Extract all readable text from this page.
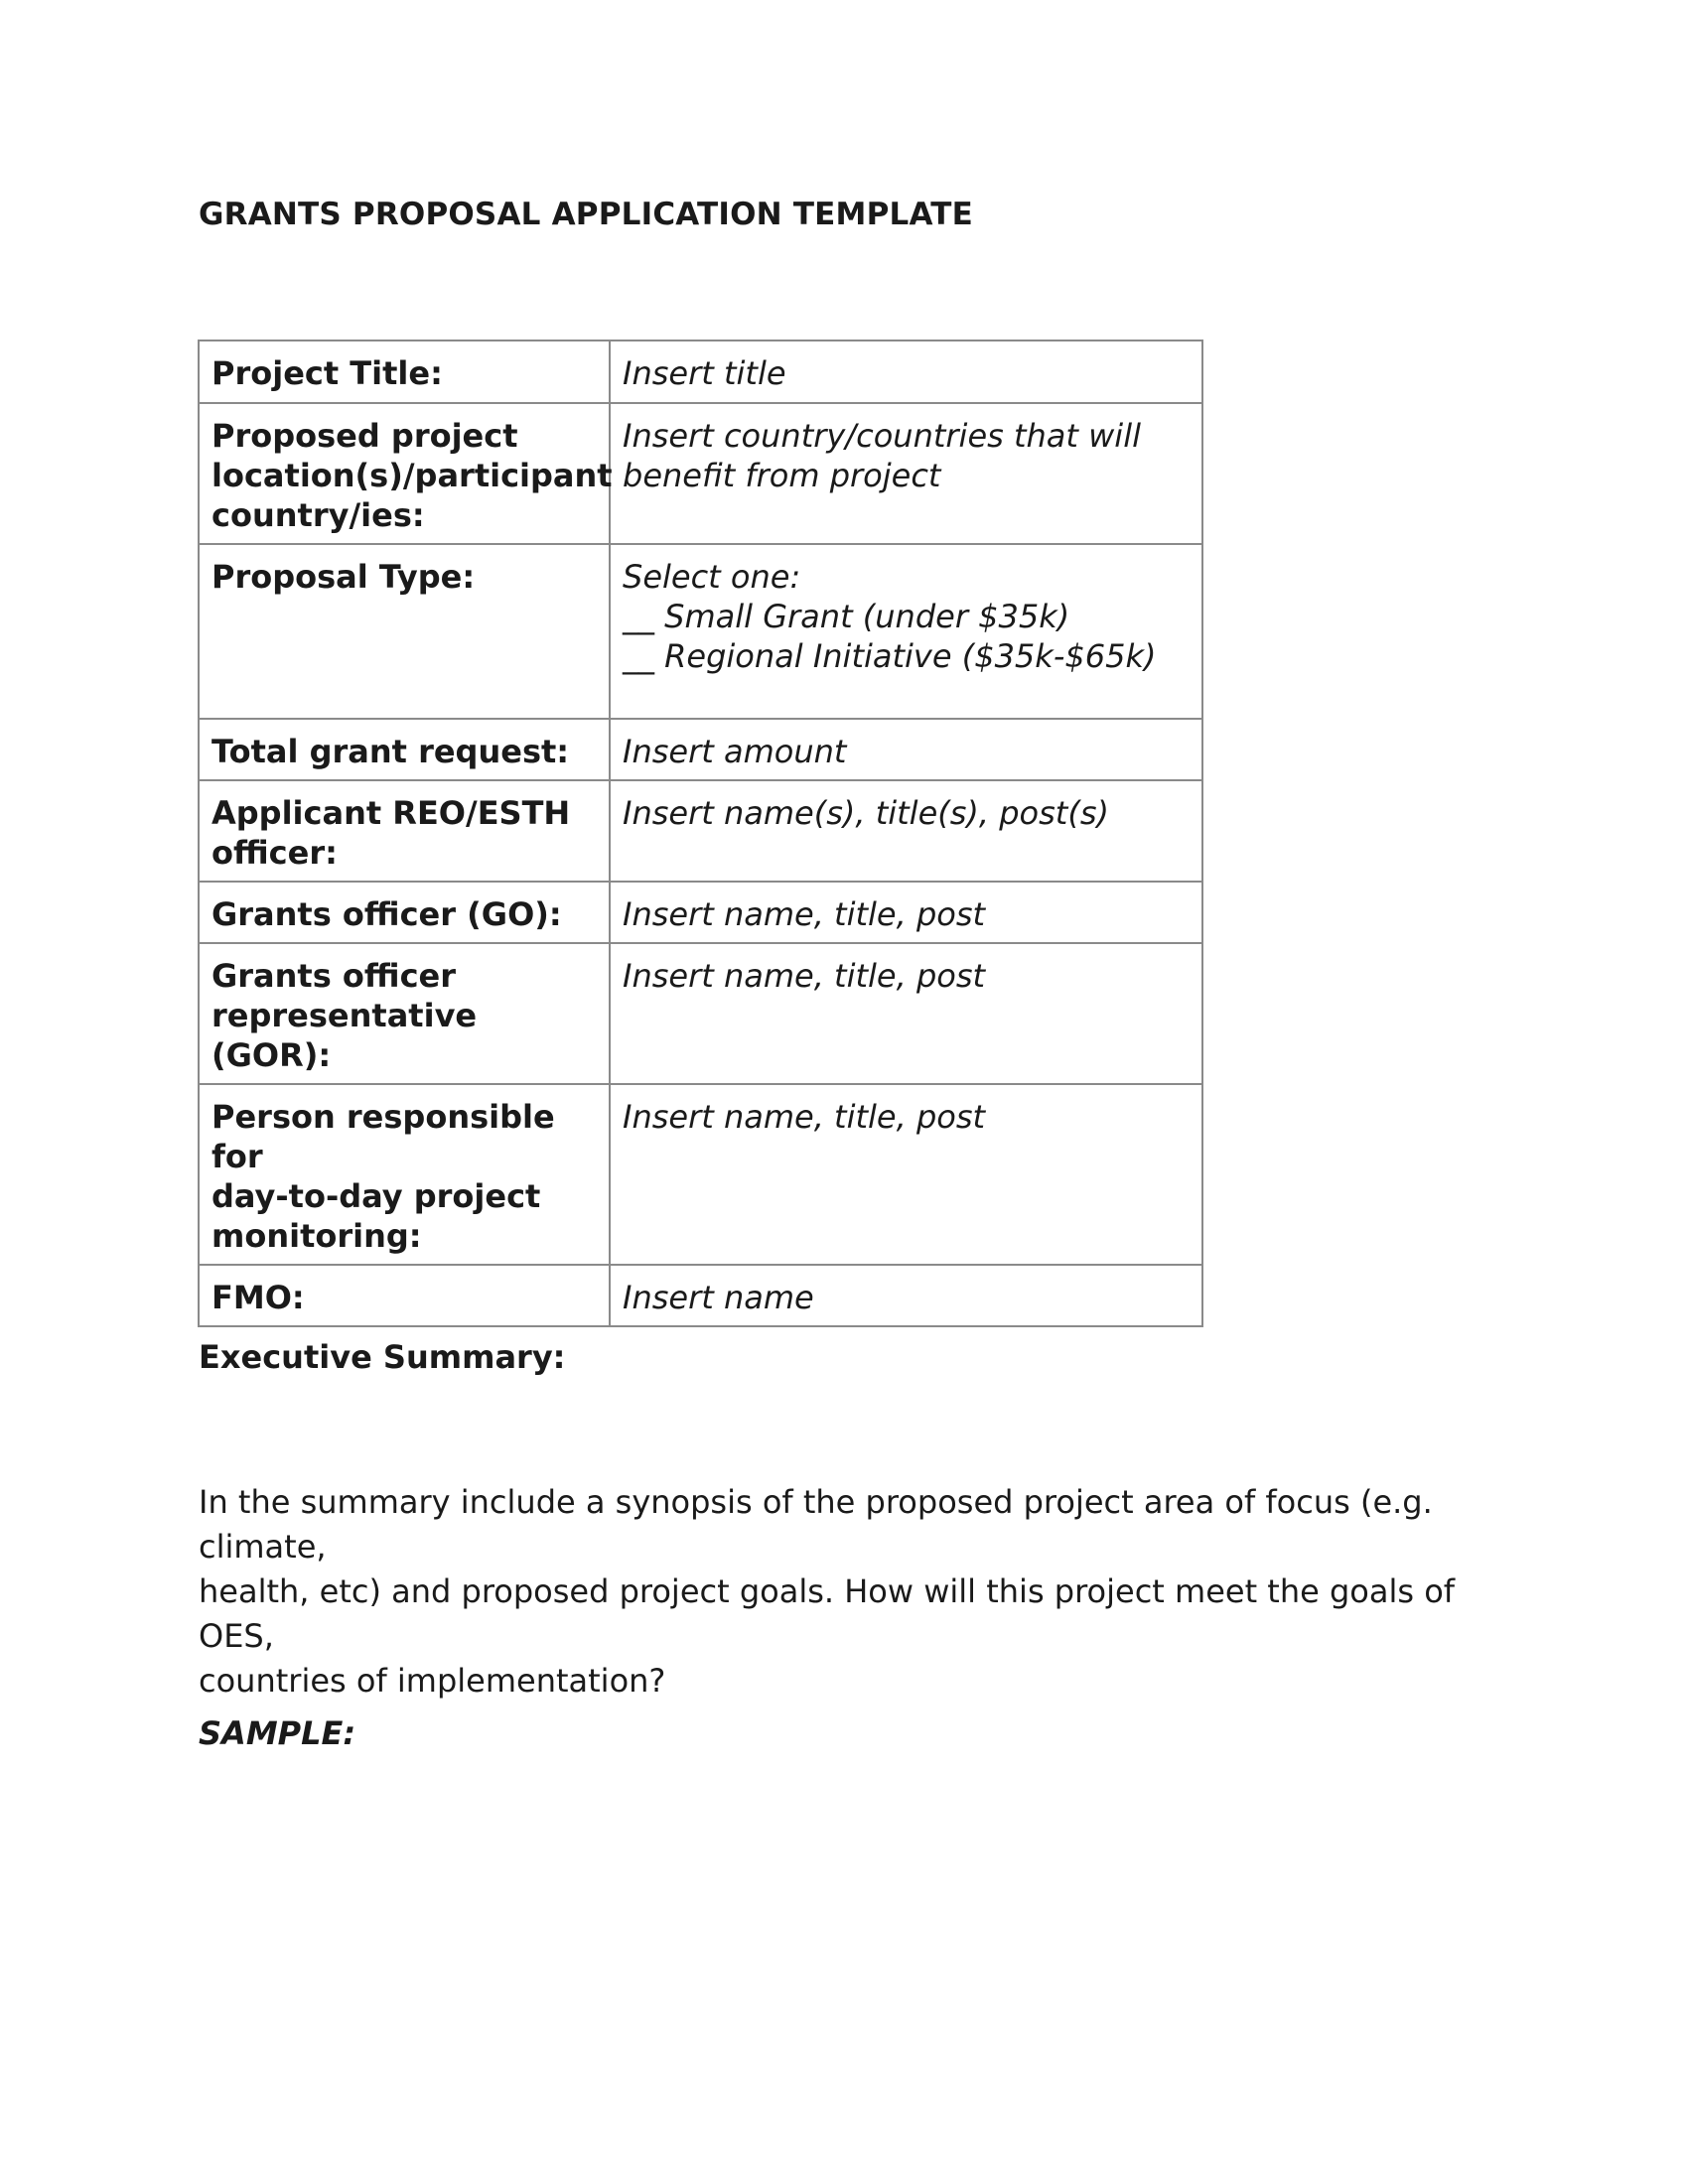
GRANTS PROPOSAL APPLICATION TEMPLATE
Project Title:	Insert title

Proposed project
location(s)/participant
country/ies:	Insert country/countries that will
benefit from project

Proposal Type:	Select one:
__ Small Grant (under $35k)
__ Regional Initiative ($35k-$65k)

Total grant request:	Insert amount

Applicant REO/ESTH
officer:	Insert name(s), title(s), post(s)

Grants officer (GO):	Insert name, title, post

Grants officer
representative (GOR):	Insert name, title, post

Person responsible for
day-to-day project
monitoring:	Insert name, title, post

FMO:	Insert name
Executive Summary:
In the summary include a synopsis of the proposed project area of focus (e.g. climate,
health, etc) and proposed project goals. How will this project meet the goals of OES,
countries of implementation?
SAMPLE:
